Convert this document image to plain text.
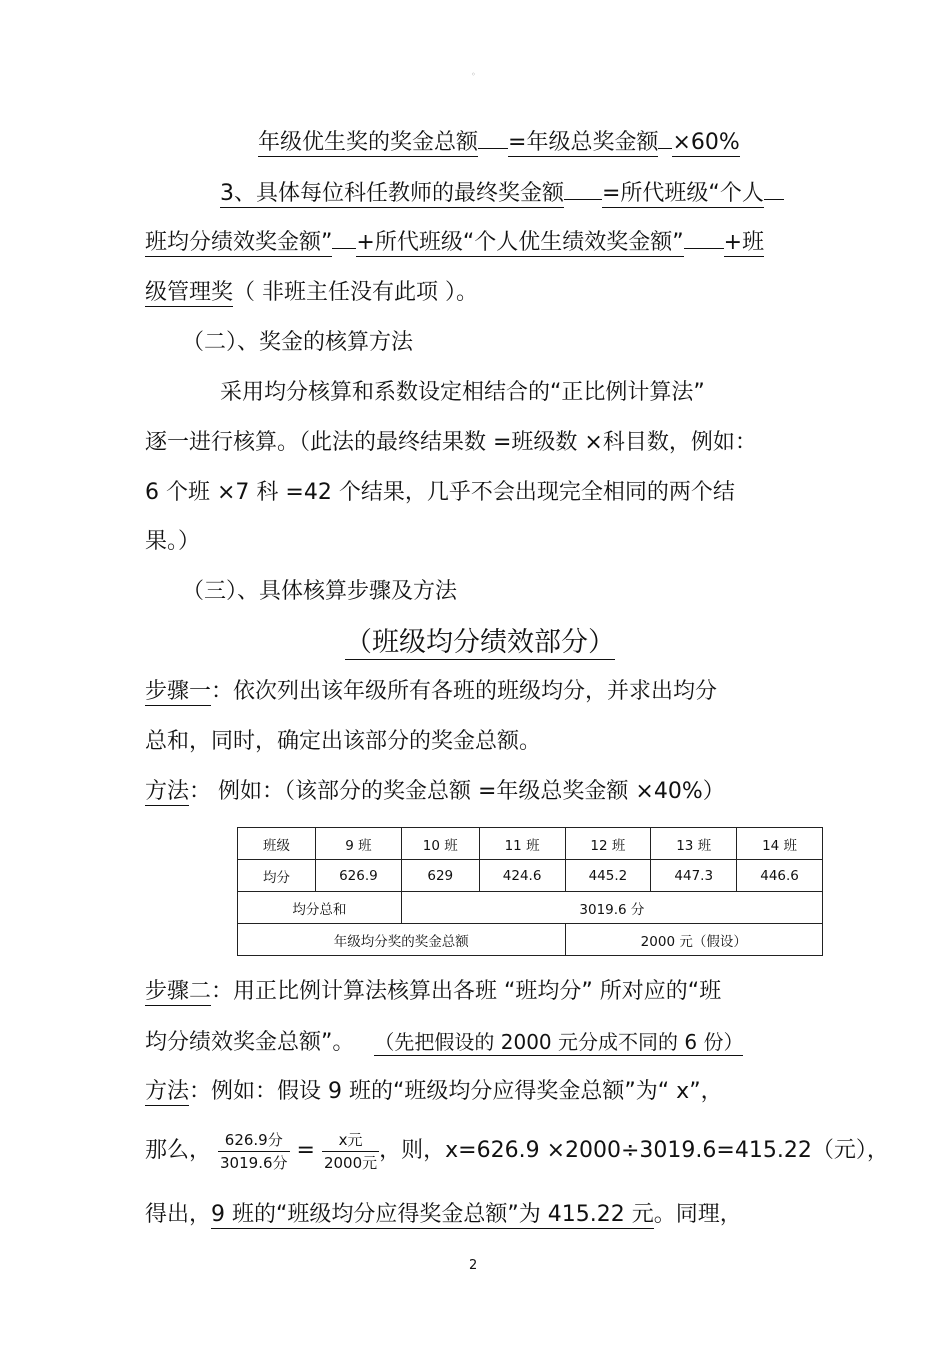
◦
年级优生奖的奖金总额 =年级总奖金额 ×60%
3、具体每位科任教师的最终奖金额 =所代班级“个人
班均分绩效奖金额” +所代班级“个人优生绩效奖金额” +班
级管理奖（ 非班主任没有此项 ）。
（二）、奖金的核算方法
采用均分核算和系数设定相结合的“正比例计算法”
逐一进行核算。（此法的最终结果数 =班级数 ×科目数，例如：
6 个班 ×7 科 =42 个结果，几乎不会出现完全相同的两个结
果。）
（三）、具体核算步骤及方法
（班级均分绩效部分）
步骤一：依次列出该年级所有各班的班级均分，并求出均分
总和，同时，确定出该部分的奖金总额。
方法： 例如：（该部分的奖金总额 =年级总奖金额 ×40%）
班级	9 班	10 班	11 班	12 班	13 班	14 班
均分	626.9	629	424.6	445.2	447.3	446.6
均分总和		3019.6 分				
年级均分奖的奖金总额				2000 元（假设）		
步骤二：用正比例计算法核算出各班 “班均分” 所对应的“班
均分绩效奖金总额”。 （先把假设的 2000 元分成不同的 6 份）
方法：例如：假设 9 班的“班级均分应得奖金总额”为“ x”，
那么， $\frac{\text{626.9分}}{\text{3019.6分}} = \frac{\text{x元}}{\text{2000元}}$ ，则，x=626.9 ×2000÷3019.6=415.22（元），
得出，9 班的“班级均分应得奖金总额”为 415.22 元。同理，
2
